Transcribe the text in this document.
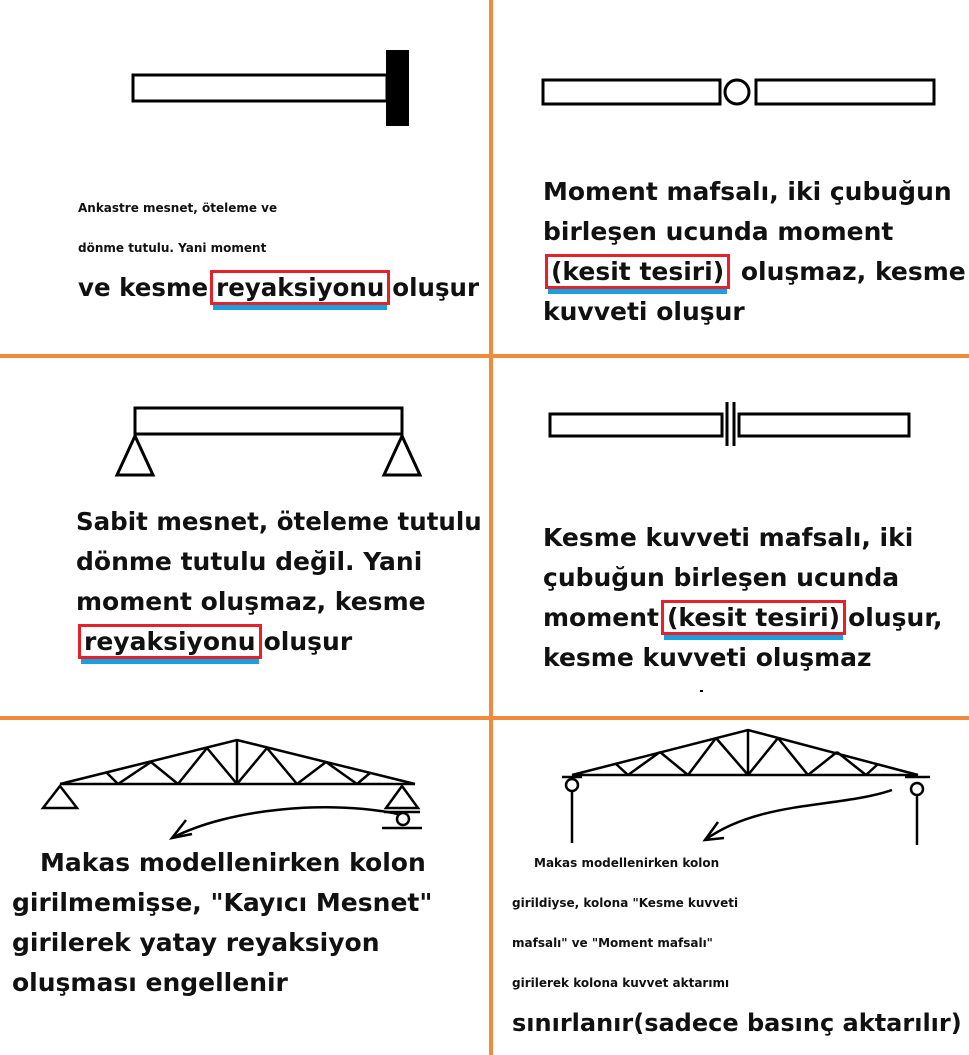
Ankastre mesnet, öteleme ve
dönme tutulu. Yani moment
ve kesme reyaksiyonu oluşur
Moment mafsalı, iki çubuğun
birleşen ucunda moment
(kesit tesiri) oluşmaz, kesme
kuvveti oluşur
Sabit mesnet, öteleme tutulu
dönme tutulu değil. Yani
moment oluşmaz, kesme
reyaksiyonu oluşur
Kesme kuvveti mafsalı, iki
çubuğun birleşen ucunda
moment (kesit tesiri) oluşur,
kesme kuvveti oluşmaz
Makas modellenirken kolon
girilmemişse, "Kayıcı Mesnet"
girilerek yatay reyaksiyon
oluşması engellenir
Makas modellenirken kolon
girildiyse, kolona "Kesme kuvveti
mafsalı" ve "Moment mafsalı"
girilerek kolona kuvvet aktarımı
sınırlanır(sadece basınç aktarılır)
